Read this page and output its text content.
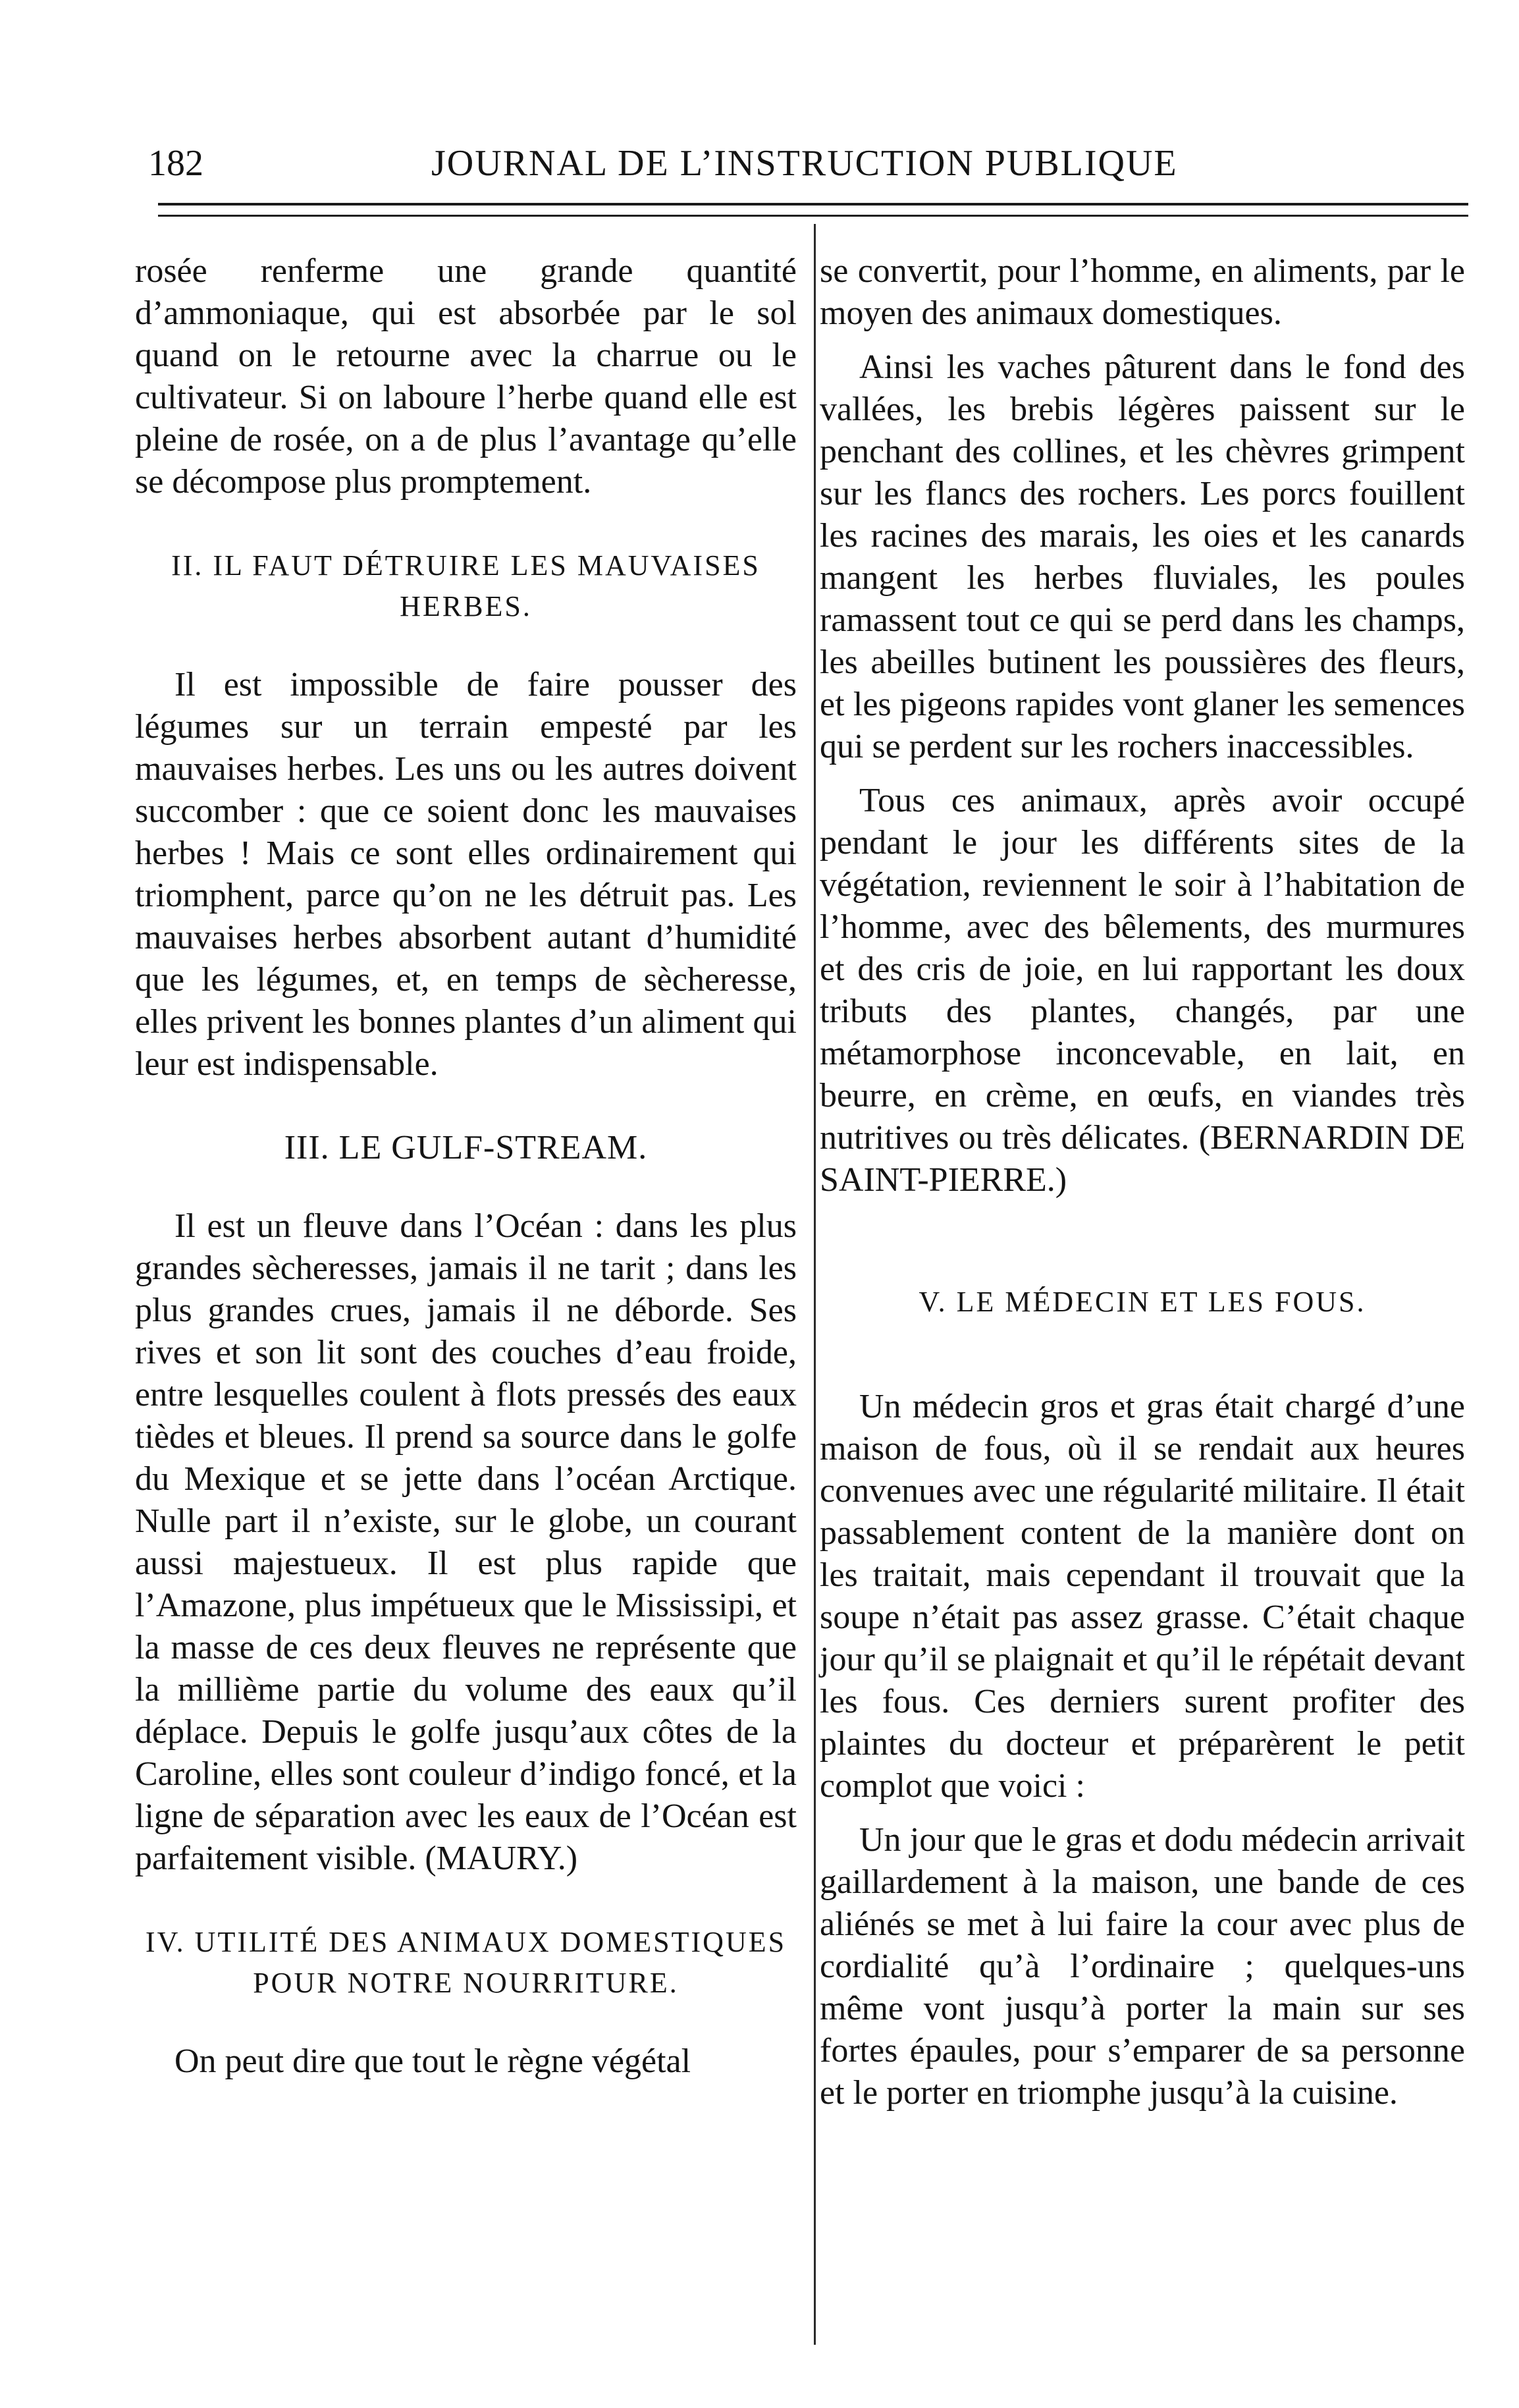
182	JOURNAL DE L’INSTRUCTION PUBLIQUE

rosée renferme une grande quantité d’ammoniaque, qui est absorbée par le sol quand on le retourne avec la charrue ou le cultivateur. Si on laboure l’herbe quand elle est pleine de rosée, on a de plus l’avantage qu’elle se décompose plus promptement.

II. IL FAUT DÉTRUIRE LES MAUVAISES HERBES.

Il est impossible de faire pousser des légumes sur un terrain empesté par les mauvaises herbes. Les uns ou les autres doivent succomber : que ce soient donc les mauvaises herbes ! Mais ce sont elles ordinairement qui triomphent, parce qu’on ne les détruit pas. Les mauvaises herbes absorbent autant d’humidité que les légumes, et, en temps de sècheresse, elles privent les bonnes plantes d’un aliment qui leur est indispensable.

III. LE GULF-STREAM.

Il est un fleuve dans l’Océan : dans les plus grandes sècheresses, jamais il ne tarit ; dans les plus grandes crues, jamais il ne déborde. Ses rives et son lit sont des couches d’eau froide, entre lesquelles coulent à flots pressés des eaux tièdes et bleues. Il prend sa source dans le golfe du Mexique et se jette dans l’océan Arctique. Nulle part il n’existe, sur le globe, un courant aussi majestueux. Il est plus rapide que l’Amazone, plus impétueux que le Mississipi, et la masse de ces deux fleuves ne représente que la millième partie du volume des eaux qu’il déplace. Depuis le golfe jusqu’aux côtes de la Caroline, elles sont couleur d’indigo foncé, et la ligne de séparation avec les eaux de l’Océan est parfaitement visible. (MAURY.)

IV. UTILITÉ DES ANIMAUX DOMESTIQUES POUR NOTRE NOURRITURE.

On peut dire que tout le règne végétal

se convertit, pour l’homme, en aliments, par le moyen des animaux domestiques.

Ainsi les vaches pâturent dans le fond des vallées, les brebis légères paissent sur le penchant des collines, et les chèvres grimpent sur les flancs des rochers. Les porcs fouillent les racines des marais, les oies et les canards mangent les herbes fluviales, les poules ramassent tout ce qui se perd dans les champs, les abeilles butinent les poussières des fleurs, et les pigeons rapides vont glaner les semences qui se perdent sur les rochers inaccessibles.

Tous ces animaux, après avoir occupé pendant le jour les différents sites de la végétation, reviennent le soir à l’habitation de l’homme, avec des bêlements, des murmures et des cris de joie, en lui rapportant les doux tributs des plantes, changés, par une métamorphose inconcevable, en lait, en beurre, en crème, en œufs, en viandes très nutritives ou très délicates. (BERNARDIN DE SAINT-PIERRE.)

V. LE MÉDECIN ET LES FOUS.

Un médecin gros et gras était chargé d’une maison de fous, où il se rendait aux heures convenues avec une régularité militaire. Il était passablement content de la manière dont on les traitait, mais cependant il trouvait que la soupe n’était pas assez grasse. C’était chaque jour qu’il se plaignait et qu’il le répétait devant les fous. Ces derniers surent profiter des plaintes du docteur et préparèrent le petit complot que voici :

Un jour que le gras et dodu médecin arrivait gaillardement à la maison, une bande de ces aliénés se met à lui faire la cour avec plus de cordialité qu’à l’ordinaire ; quelques-uns même vont jusqu’à porter la main sur ses fortes épaules, pour s’emparer de sa personne et le porter en triomphe jusqu’à la cuisine.
